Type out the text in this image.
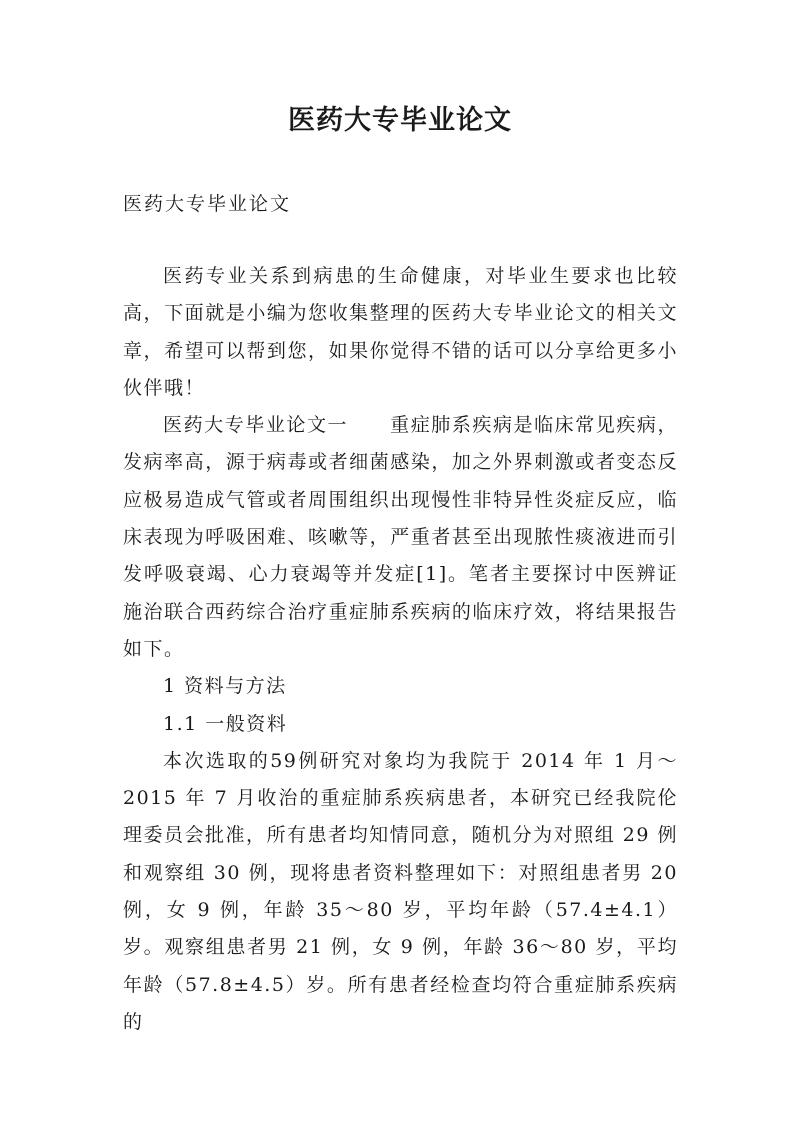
医药大专毕业论文
医药大专毕业论文

医药专业关系到病患的生命健康，对毕业生要求也比较高，下面就是小编为您收集整理的医药大专毕业论文的相关文章，希望可以帮到您，如果你觉得不错的话可以分享给更多小伙伴哦！

医药大专毕业论文一 重症肺系疾病是临床常见疾病，发病率高，源于病毒或者细菌感染，加之外界刺激或者变态反应极易造成气管或者周围组织出现慢性非特异性炎症反应，临床表现为呼吸困难、咳嗽等，严重者甚至出现脓性痰液进而引发呼吸衰竭、心力衰竭等并发症[1]。笔者主要探讨中医辨证施治联合西药综合治疗重症肺系疾病的临床疗效，将结果报告如下。

1 资料与方法

1.1 一般资料

本次选取的59例研究对象均为我院于 2014 年 1 月～2015 年 7 月收治的重症肺系疾病患者，本研究已经我院伦理委员会批准，所有患者均知情同意，随机分为对照组 29 例和观察组 30 例，现将患者资料整理如下：对照组患者男 20 例，女 9 例，年龄 35～80 岁，平均年龄（57.4±4.1）岁。观察组患者男 21 例，女 9 例，年龄 36～80 岁，平均年龄（57.8±4.5）岁。所有患者经检查均符合重症肺系疾病的
